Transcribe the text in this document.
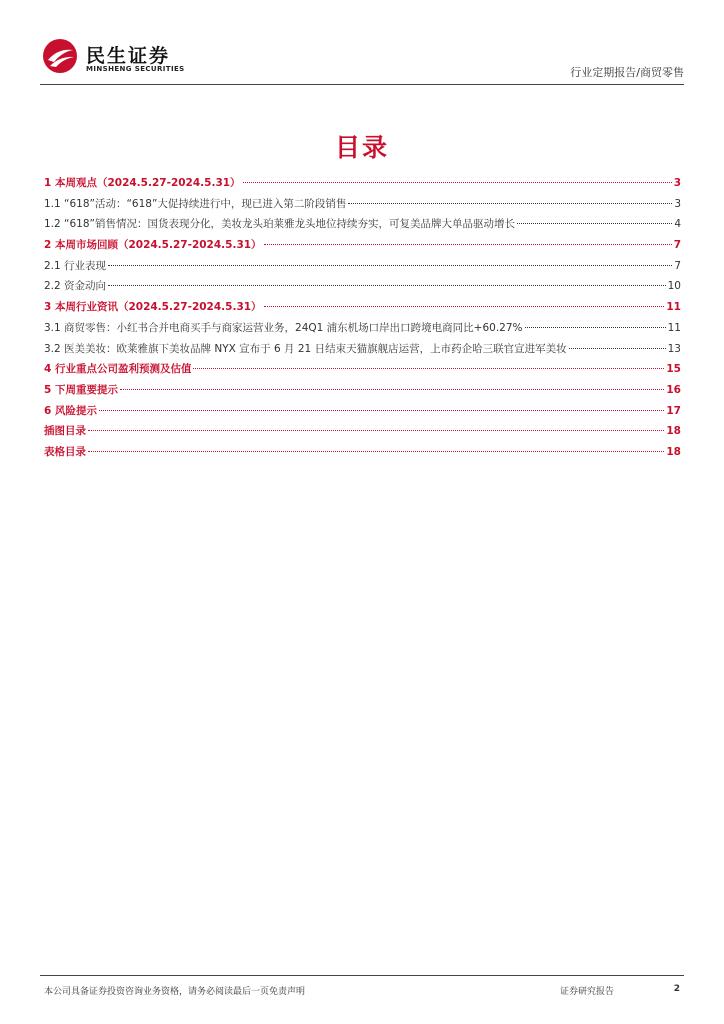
民生证券
MINSHENG SECURITIES	行业定期报告/商贸零售
目录
1 本周观点（2024.5.27-2024.5.31）	3
1.1 “618”活动：“618”大促持续进行中，现已进入第二阶段销售	3
1.2 “618”销售情况：国货表现分化，美妆龙头珀莱雅龙头地位持续夯实，可复美品牌大单品驱动增长	4
2 本周市场回顾（2024.5.27-2024.5.31）	7
2.1 行业表现	7
2.2 资金动向	10
3 本周行业资讯（2024.5.27-2024.5.31）	11
3.1 商贸零售：小红书合并电商买手与商家运营业务，24Q1 浦东机场口岸出口跨境电商同比+60.27%	11
3.2 医美美妆：欧莱雅旗下美妆品牌 NYX 宣布于 6 月 21 日结束天猫旗舰店运营，上市药企哈三联官宣进军美妆	13
4 行业重点公司盈利预测及估值	15
5 下周重要提示	16
6 风险提示	17
插图目录	18
表格目录	18
本公司具备证券投资咨询业务资格，请务必阅读最后一页免责声明	证券研究报告	2
